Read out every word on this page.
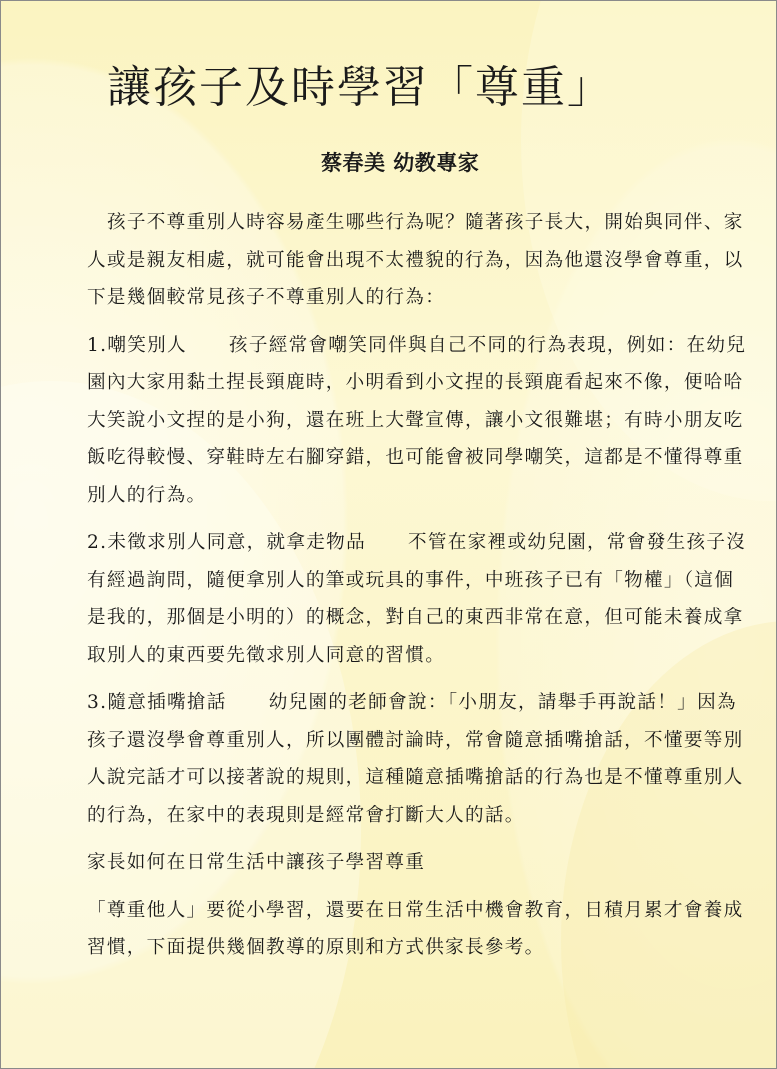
讓孩子及時學習「尊重」
蔡春美 幼教專家

孩子不尊重別人時容易產生哪些行為呢？隨著孩子長大，開始與同伴、家人或是親友相處，就可能會出現不太禮貌的行為，因為他還沒學會尊重，以下是幾個較常見孩子不尊重別人的行為：

1.嘲笑別人 孩子經常會嘲笑同伴與自己不同的行為表現，例如：在幼兒園內大家用黏土捏長頸鹿時，小明看到小文捏的長頸鹿看起來不像，便哈哈大笑說小文捏的是小狗，還在班上大聲宣傳，讓小文很難堪；有時小朋友吃飯吃得較慢、穿鞋時左右腳穿錯，也可能會被同學嘲笑，這都是不懂得尊重別人的行為。

2.未徵求別人同意，就拿走物品 不管在家裡或幼兒園，常會發生孩子沒有經過詢問，隨便拿別人的筆或玩具的事件，中班孩子已有「物權」（這個是我的，那個是小明的）的概念，對自己的東西非常在意，但可能未養成拿取別人的東西要先徵求別人同意的習慣。

3.隨意插嘴搶話 幼兒園的老師會說：「小朋友，請舉手再說話！」因為孩子還沒學會尊重別人，所以團體討論時，常會隨意插嘴搶話，不懂要等別人說完話才可以接著說的規則，這種隨意插嘴搶話的行為也是不懂尊重別人的行為，在家中的表現則是經常會打斷大人的話。

家長如何在日常生活中讓孩子學習尊重

「尊重他人」要從小學習，還要在日常生活中機會教育，日積月累才會養成習慣，下面提供幾個教導的原則和方式供家長參考。
